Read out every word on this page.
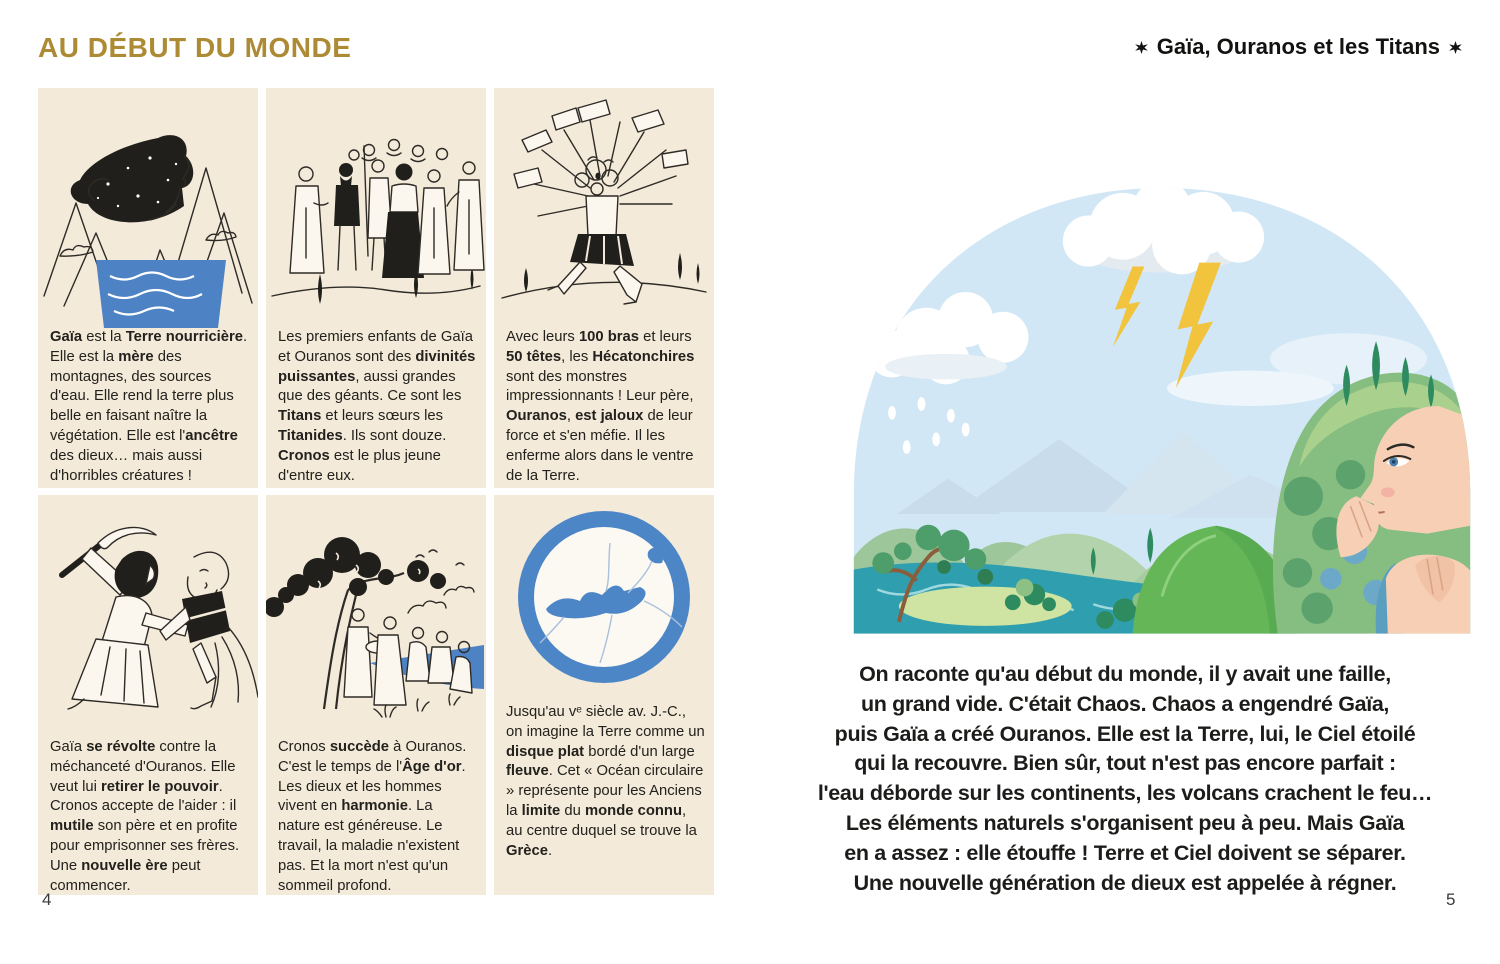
AU DÉBUT DU MONDE
Gaïa est la Terre nourricière. Elle est la mère des montagnes, des sources d'eau. Elle rend la terre plus belle en faisant naître la végétation. Elle est l'ancêtre des dieux… mais aussi d'horribles créatures !
Les premiers enfants de Gaïa et Ouranos sont des divinités puissantes, aussi grandes que des géants. Ce sont les Titans et leurs sœurs les Titanides. Ils sont douze. Cronos est le plus jeune d'entre eux.
Avec leurs 100 bras et leurs 50 têtes, les Hécatonchires sont des monstres impressionnants ! Leur père, Ouranos, est jaloux de leur force et s'en méfie. Il les enferme alors dans le ventre de la Terre.
Gaïa se révolte contre la méchanceté d'Ouranos. Elle veut lui retirer le pouvoir. Cronos accepte de l'aider : il mutile son père et en profite pour emprisonner ses frères. Une nouvelle ère peut commencer.
Cronos succède à Ouranos. C'est le temps de l'Âge d'or. Les dieux et les hommes vivent en harmonie. La nature est généreuse. Le travail, la maladie n'existent pas. Et la mort n'est qu'un sommeil profond.
Jusqu'au vᵉ siècle av. J.-C., on imagine la Terre comme un disque plat bordé d'un large fleuve. Cet « Océan circulaire » représente pour les Anciens la limite du monde connu, au centre duquel se trouve la Grèce.
4
Gaïa, Ouranos et les Titans
On raconte qu'au début du monde, il y avait une faille,
un grand vide. C'était Chaos. Chaos a engendré Gaïa,
puis Gaïa a créé Ouranos. Elle est la Terre, lui, le Ciel étoilé
qui la recouvre. Bien sûr, tout n'est pas encore parfait :
l'eau déborde sur les continents, les volcans crachent le feu…
Les éléments naturels s'organisent peu à peu. Mais Gaïa
en a assez : elle étouffe ! Terre et Ciel doivent se séparer.
Une nouvelle génération de dieux est appelée à régner.
5
